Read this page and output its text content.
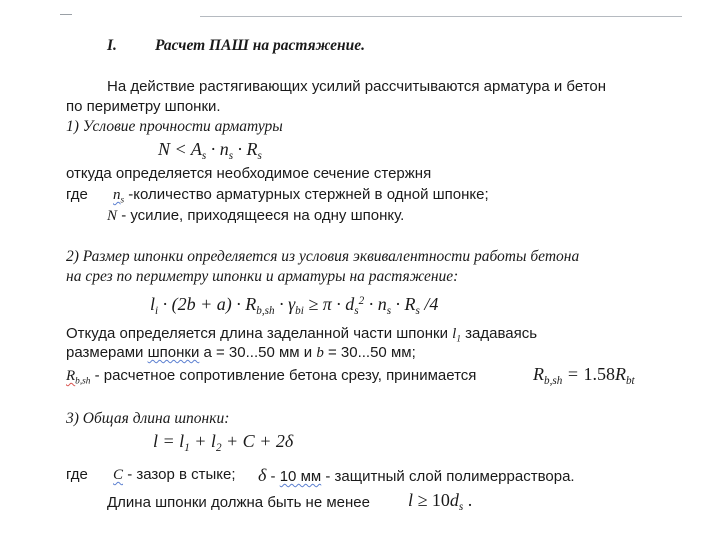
I. Расчет ПАШ на растяжение.
На действие растягивающих усилий рассчитываются арматура и бетон
по периметру шпонки.
1) Условие прочности арматуры
$N < A_s \cdot n_s \cdot R_s$
откуда определяется необходимое сечение стержня
где $n_s$ -количество арматурных стержней в одной шпонке;
N - усилие, приходящееся на одну шпонку.
2) Размер шпонки определяется из условия эквивалентности работы бетона
на срез по периметру шпонки и арматуры на растяжение:
$l_i \cdot (2b + a) \cdot R_{b,sh} \cdot \gamma_{bi} \ge \pi \cdot d_s^2 \cdot n_s \cdot R_s$ /4
Откуда определяется длина заделанной части шпонки $l_1$ задаваясь
размерами шпонки a = 30...50 мм и b = 30...50 мм;
$R_{b,sh}$ - расчетное сопротивление бетона срезу, принимается	$R_{b,sh} = 1.58R_{bt}$
3) Общая длина шпонки:
$l = l_1 + l_2 + C + 2\delta$
где C - зазор в стыке; δ - 10 мм - защитный слой полимерраствора.
Длина шпонки должна быть не менее $l \ge 10d_s$ .
